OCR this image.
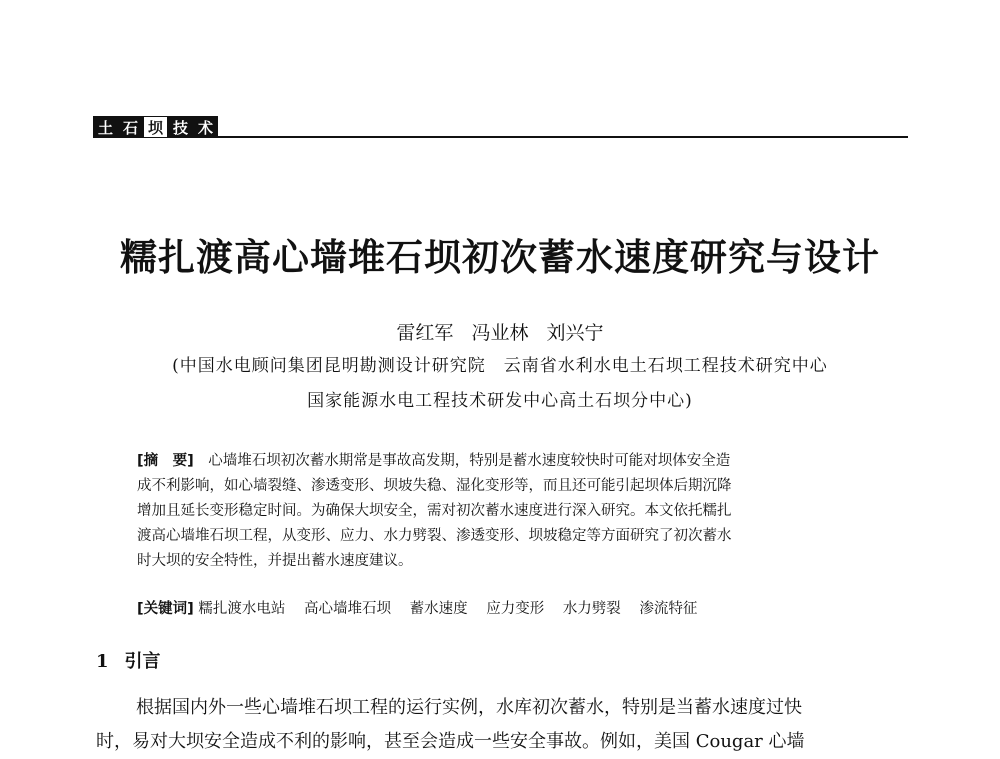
土 石 坝 技 术
糯扎渡高心墙堆石坝初次蓄水速度研究与设计
雷红军 冯业林 刘兴宁
(中国水电顾问集团昆明勘测设计研究院　云南省水利水电土石坝工程技术研究中心
国家能源水电工程技术研发中心高土石坝分中心)
[摘　要]　 心墙堆石坝初次蓄水期常是事故高发期，特别是蓄水速度较快时可能对坝体安全造
成不利影响，如心墙裂缝、渗透变形、坝坡失稳、湿化变形等，而且还可能引起坝体后期沉降
增加且延长变形稳定时间。为确保大坝安全，需对初次蓄水速度进行深入研究。本文依托糯扎
渡高心墙堆石坝工程，从变形、应力、水力劈裂、渗透变形、坝坡稳定等方面研究了初次蓄水
时大坝的安全特性，并提出蓄水速度建议。
[关键词] 糯扎渡水电站 高心墙堆石坝 蓄水速度 应力变形 水力劈裂 渗流特征
1 引言
根据国内外一些心墙堆石坝工程的运行实例，水库初次蓄水，特别是当蓄水速度过快
时，易对大坝安全造成不利的影响，甚至会造成一些安全事故。例如，美国 Cougar 心墙
